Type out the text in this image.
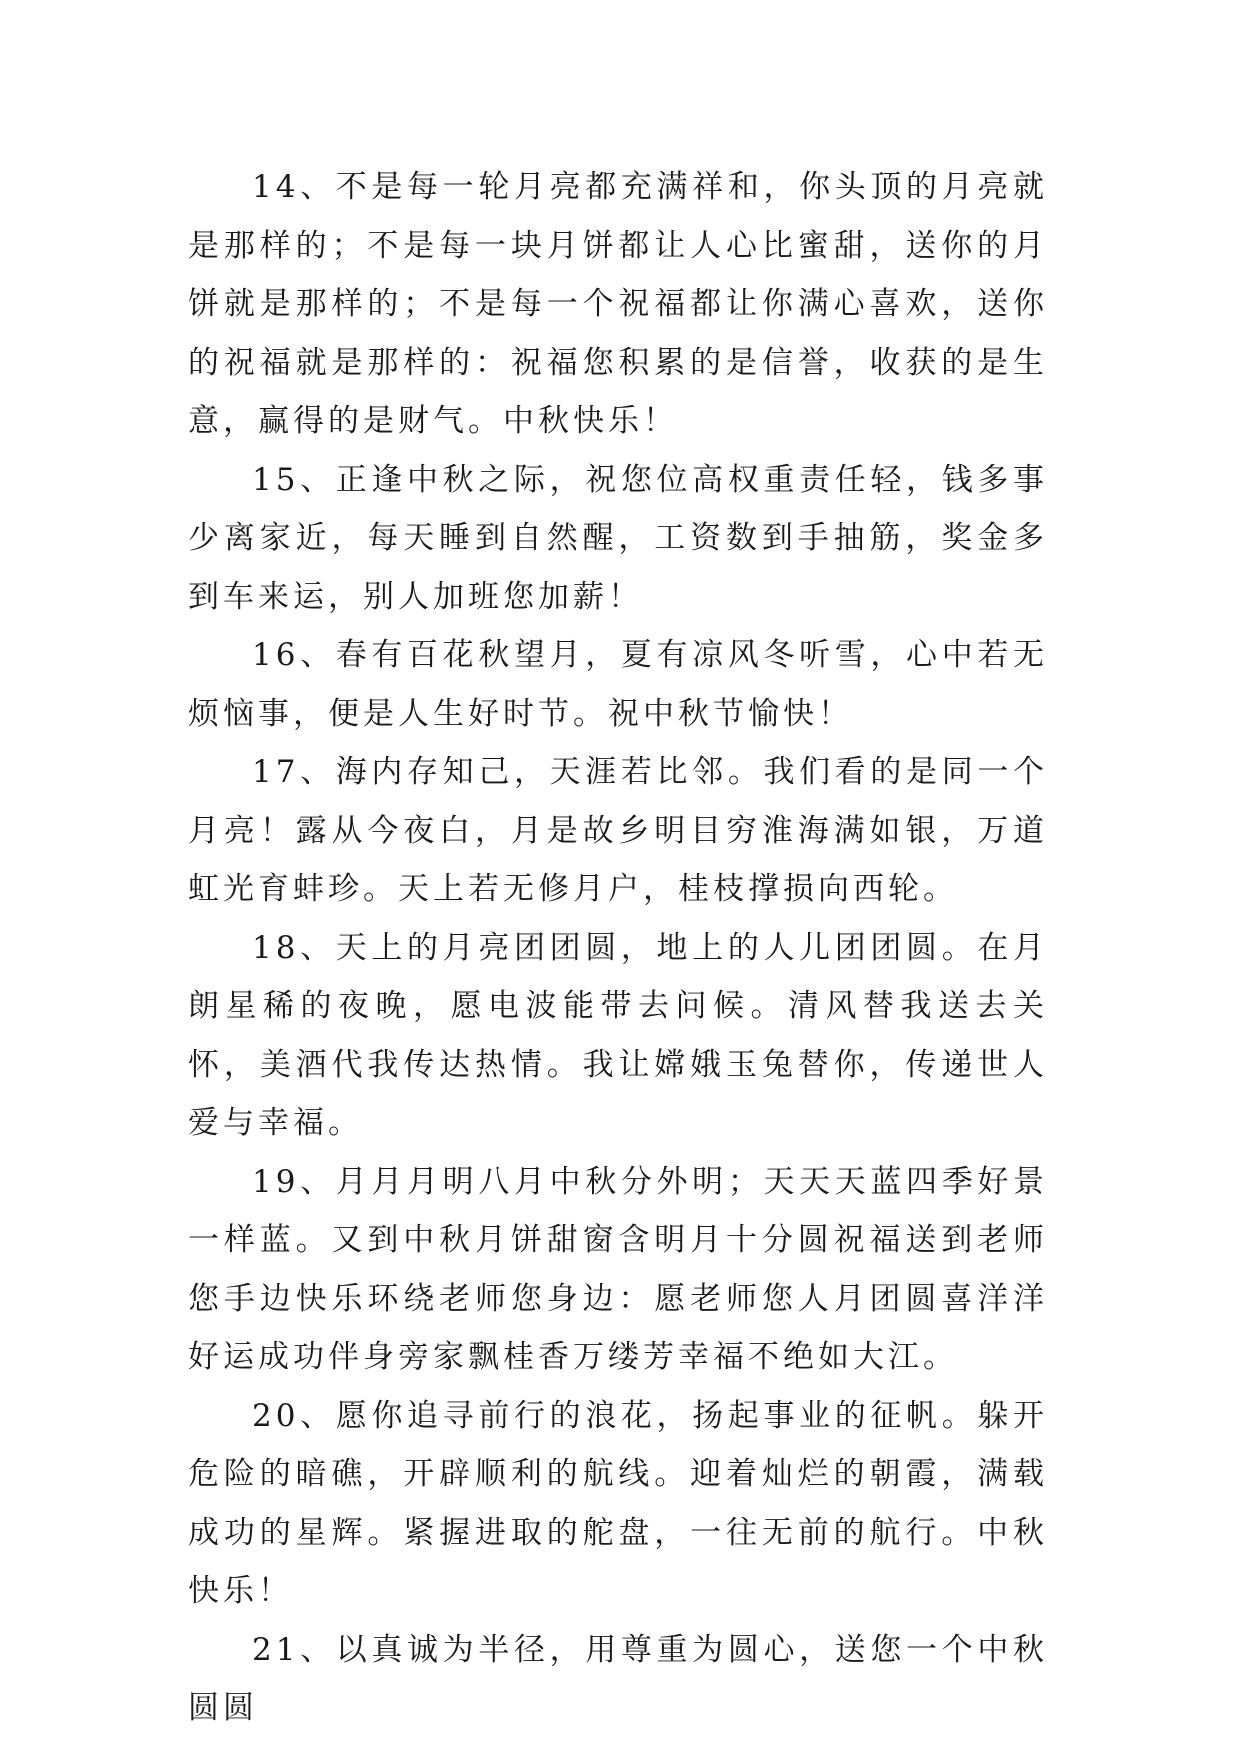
14、不是每一轮月亮都充满祥和，你头顶的月亮就是那样的；不是每一块月饼都让人心比蜜甜，送你的月饼就是那样的；不是每一个祝福都让你满心喜欢，送你的祝福就是那样的：祝福您积累的是信誉，收获的是生意，赢得的是财气。中秋快乐！

15、正逢中秋之际，祝您位高权重责任轻，钱多事少离家近，每天睡到自然醒，工资数到手抽筋，奖金多到车来运，别人加班您加薪！

16、春有百花秋望月，夏有凉风冬听雪，心中若无烦恼事，便是人生好时节。祝中秋节愉快！

17、海内存知己，天涯若比邻。我们看的是同一个月亮！露从今夜白，月是故乡明目穷淮海满如银，万道虹光育蚌珍。天上若无修月户，桂枝撑损向西轮。

18、天上的月亮团团圆，地上的人儿团团圆。在月朗星稀的夜晚，愿电波能带去问候。清风替我送去关怀，美酒代我传达热情。我让嫦娥玉兔替你，传递世人爱与幸福。

19、月月月明八月中秋分外明；天天天蓝四季好景一样蓝。又到中秋月饼甜窗含明月十分圆祝福送到老师您手边快乐环绕老师您身边：愿老师您人月团圆喜洋洋好运成功伴身旁家飘桂香万缕芳幸福不绝如大江。

20、愿你追寻前行的浪花，扬起事业的征帆。躲开危险的暗礁，开辟顺利的航线。迎着灿烂的朝霞，满载成功的星辉。紧握进取的舵盘，一往无前的航行。中秋快乐！

21、以真诚为半径，用尊重为圆心，送您一个中秋圆圆
